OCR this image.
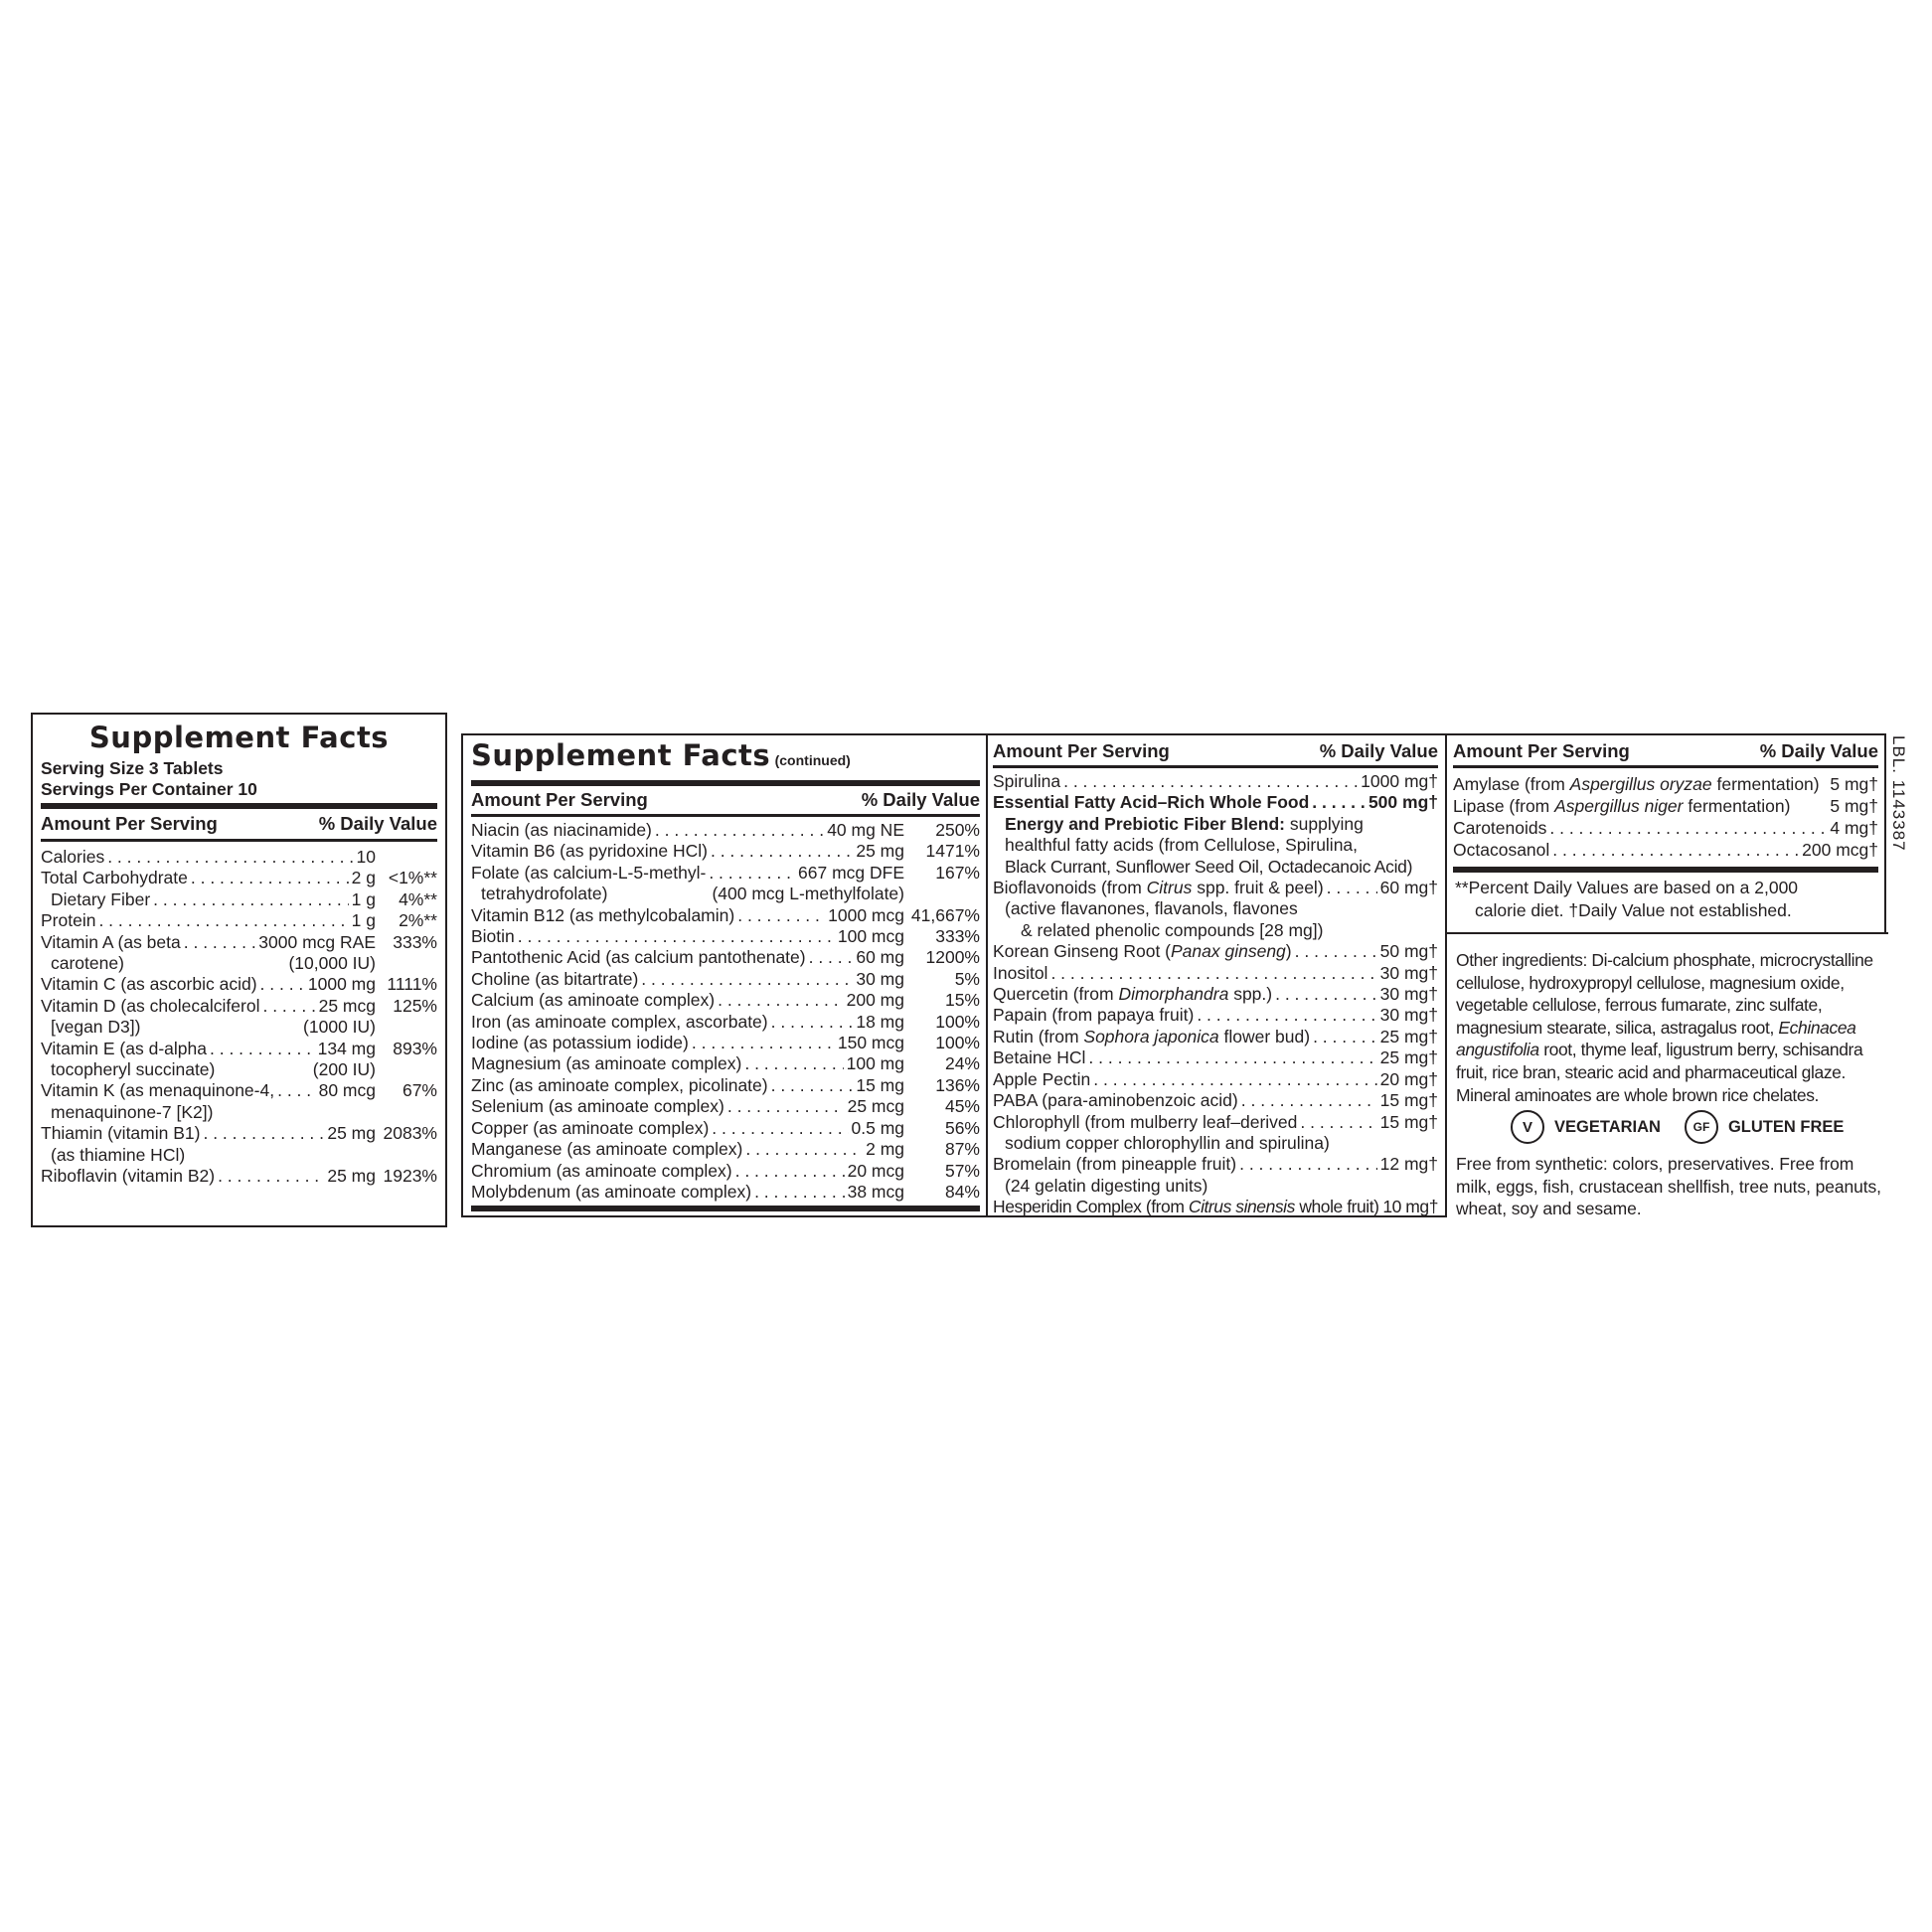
Supplement Facts
Serving Size 3 Tablets
Servings Per Container 10
Amount Per Serving	% Daily Value
Calories . . .	10
Total Carbohydrate . . .	2 g <1%**
Dietary Fiber . . .	1 g	4%**
Protein . . .	1 g	2%**
Vitamin A (as beta . . .	3000 mcg RAE 333%
carotene)	(10,000 IU)
Vitamin C (as ascorbic acid) . . .	1000 mg 1111%
Vitamin D (as cholecalciferol . . .	25 mcg 125%
[vegan D3])	(1000 IU)
Vitamin E (as d-alpha . . .	134 mg 893%
tocopheryl succinate)	(200 IU)
Vitamin K (as menaquinone-4, . . .	80 mcg	67%
menaquinone-7 [K2])
Thiamin (vitamin B1) . . .	25 mg 2083%
(as thiamine HCl)
Riboflavin (vitamin B2) . . .	25 mg 1923%
Supplement Facts (continued)
Amount Per Serving	% Daily Value
Niacin (as niacinamide) . . .	40 mg NE	250%
Vitamin B6 (as pyridoxine HCl) . . .	25 mg	1471%
Folate (as calcium-L-5-methyl- . . .	667 mcg DFE	167%
tetrahydrofolate)	(400 mcg L-methylfolate)
Vitamin B12 (as methylcobalamin) . . .	1000 mcg 41,667%
Biotin . . .	100 mcg	333%
Pantothenic Acid (as calcium pantothenate) . . .	60 mg	1200%
Choline (as bitartrate) . . .	30 mg	5%
Calcium (as aminoate complex) . . .	200 mg	15%
Iron (as aminoate complex, ascorbate) . . .	18 mg	100%
Iodine (as potassium iodide) . . .	150 mcg	100%
Magnesium (as aminoate complex) . . .	100 mg	24%
Zinc (as aminoate complex, picolinate) . . .	15 mg	136%
Selenium (as aminoate complex) . . .	25 mcg	45%
Copper (as aminoate complex) . . .	0.5 mg	56%
Manganese (as aminoate complex) . . .	2 mg	87%
Chromium (as aminoate complex) . . .	20 mcg	57%
Molybdenum (as aminoate complex) . . .	38 mcg	84%
Amount Per Serving	% Daily Value
Spirulina . . .	1000 mg†
Essential Fatty Acid–Rich Whole Food . . .	500 mg†
Energy and Prebiotic Fiber Blend: supplying
healthful fatty acids (from Cellulose, Spirulina,
Black Currant, Sunflower Seed Oil, Octadecanoic Acid)
Bioflavonoids (from Citrus spp. fruit & peel) . . .	60 mg†
(active flavanones, flavanols, flavones
& related phenolic compounds [28 mg])
Korean Ginseng Root (Panax ginseng) . . .	50 mg†
Inositol . . .	30 mg†
Quercetin (from Dimorphandra spp.) . . .	30 mg†
Papain (from papaya fruit) . . .	30 mg†
Rutin (from Sophora japonica flower bud) . . .	25 mg†
Betaine HCl . . .	25 mg†
Apple Pectin . . .	20 mg†
PABA (para-aminobenzoic acid) . . .	15 mg†
Chlorophyll (from mulberry leaf–derived . . .	15 mg†
sodium copper chlorophyllin and spirulina)
Bromelain (from pineapple fruit) . . .	12 mg†
(24 gelatin digesting units)
Hesperidin Complex (from Citrus sinensis whole fruit) 10 mg†
Amount Per Serving	% Daily Value
Amylase (from Aspergillus oryzae fermentation) 5 mg†
Lipase (from Aspergillus niger fermentation) 5 mg†
Carotenoids . . .	4 mg†
Octacosanol . . .	200 mcg†
**Percent Daily Values are based on a 2,000
calorie diet. †Daily Value not established.
Other ingredients: Di-calcium phosphate, microcrystalline cellulose, hydroxypropyl cellulose, magnesium oxide, vegetable cellulose, ferrous fumarate, zinc sulfate, magnesium stearate, silica, astragalus root, Echinacea angustifolia root, thyme leaf, ligustrum berry, schisandra fruit, rice bran, stearic acid and pharmaceutical glaze. Mineral aminoates are whole brown rice chelates.
V	VEGETARIAN	GF	GLUTEN FREE
Free from synthetic: colors, preservatives. Free from milk, eggs, fish, crustacean shellfish, tree nuts, peanuts, wheat, soy and sesame.
LBL. 1143387
